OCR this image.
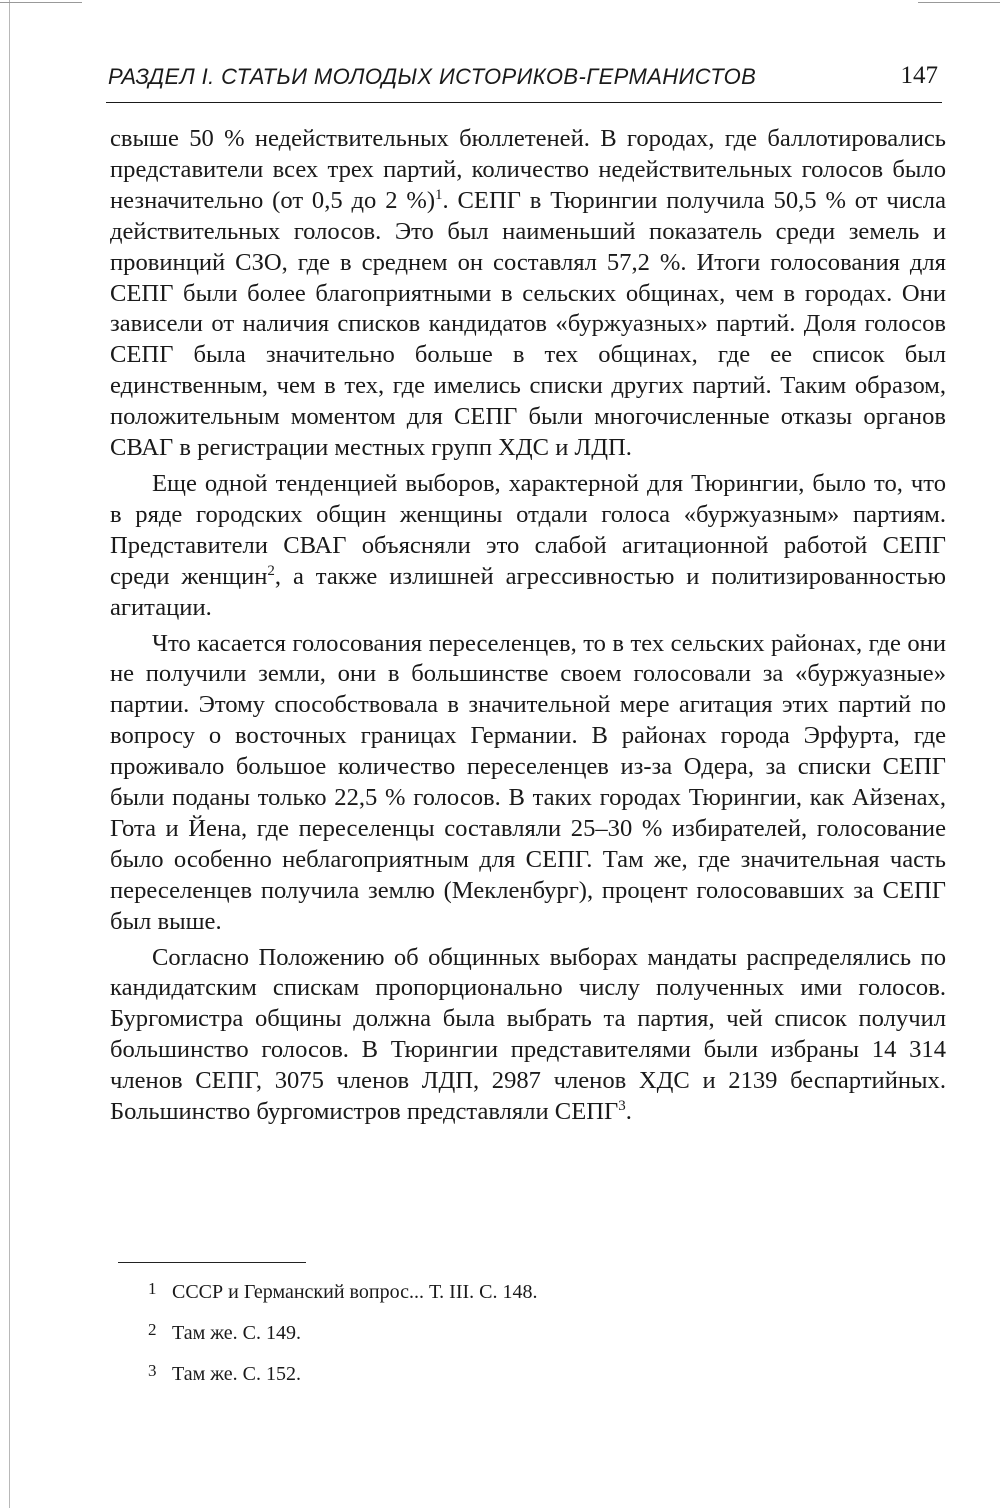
РАЗДЕЛ I. СТАТЬИ МОЛОДЫХ ИСТОРИКОВ-ГЕРМАНИСТОВ	147

свыше 50 % недействительных бюллетеней. В городах, где баллотировались представители всех трех партий, количество недействительных голосов было незначительно (от 0,5 до 2 %)$^1$. СЕПГ в Тюрингии получила 50,5 % от числа действительных голосов. Это был наименьший показатель среди земель и провинций СЗО, где в среднем он составлял 57,2 %. Итоги голосования для СЕПГ были более благоприятными в сельских общинах, чем в городах. Они зависели от наличия списков кандидатов «буржуазных» партий. Доля голосов СЕПГ была значительно больше в тех общинах, где ее список был единственным, чем в тех, где имелись списки других партий. Таким образом, положительным моментом для СЕПГ были многочисленные отказы органов СВАГ в регистрации местных групп ХДС и ЛДП.

Еще одной тенденцией выборов, характерной для Тюрингии, было то, что в ряде городских общин женщины отдали голоса «буржуазным» партиям. Представители СВАГ объясняли это слабой агитационной работой СЕПГ среди женщин$^2$, а также излишней агрессивностью и политизированностью агитации.

Что касается голосования переселенцев, то в тех сельских районах, где они не получили земли, они в большинстве своем голосовали за «буржуазные» партии. Этому способствовала в значительной мере агитация этих партий по вопросу о восточных границах Германии. В районах города Эрфурта, где проживало большое количество переселенцев из-за Одера, за списки СЕПГ были поданы только 22,5 % голосов. В таких городах Тюрингии, как Айзенах, Гота и Йена, где переселенцы составляли 25–30 % избирателей, голосование было особенно неблагоприятным для СЕПГ. Там же, где значительная часть переселенцев получила землю (Мекленбург), процент голосовавших за СЕПГ был выше.

Согласно Положению об общинных выборах мандаты распределялись по кандидатским спискам пропорционально числу полученных ими голосов. Бургомистра общины должна была выбрать та партия, чей список получил большинство голосов. В Тюрингии представителями были избраны 14 314 членов СЕПГ, 3075 членов ЛДП, 2987 членов ХДС и 2139 беспартийных. Большинство бургомистров представляли СЕПГ$^3$.

1 СССР и Германский вопрос... Т. III. С. 148.
2 Там же. С. 149.
3 Там же. С. 152.
